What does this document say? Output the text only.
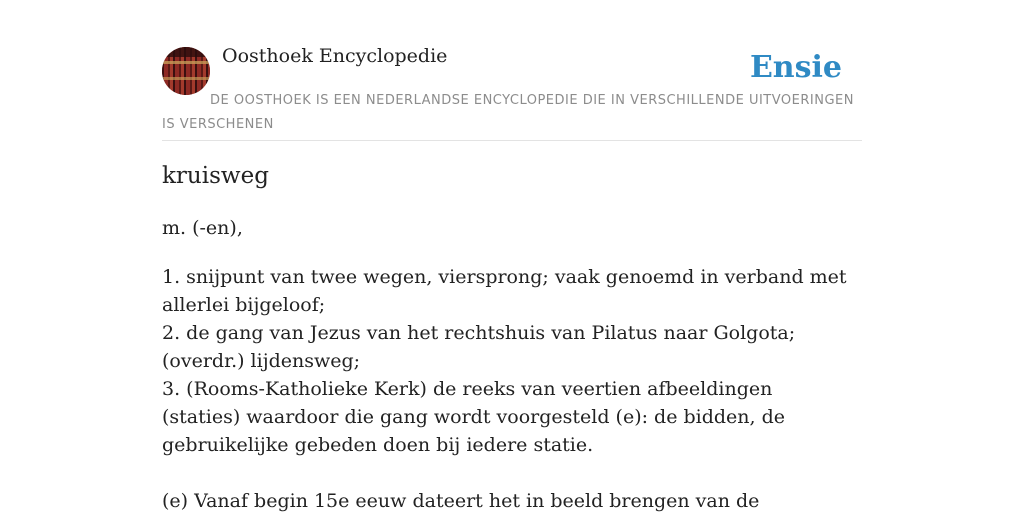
Oosthoek Encyclopedie	Ensie
DE OOSTHOEK IS EEN NEDERLANDSE ENCYCLOPEDIE DIE IN VERSCHILLENDE UITVOERINGEN IS VERSCHENEN
kruisweg
m. (-en),
1. snijpunt van twee wegen, viersprong; vaak genoemd in verband met allerlei bijgeloof;
2. de gang van Jezus van het rechtshuis van Pilatus naar Golgota; (overdr.) lijdensweg;
3. (Rooms-Katholieke Kerk) de reeks van veertien afbeeldingen (staties) waardoor die gang wordt voorgesteld (e): de bidden, de gebruikelijke gebeden doen bij iedere statie.
(e) Vanaf begin 15e eeuw dateert het in beeld brengen van de
